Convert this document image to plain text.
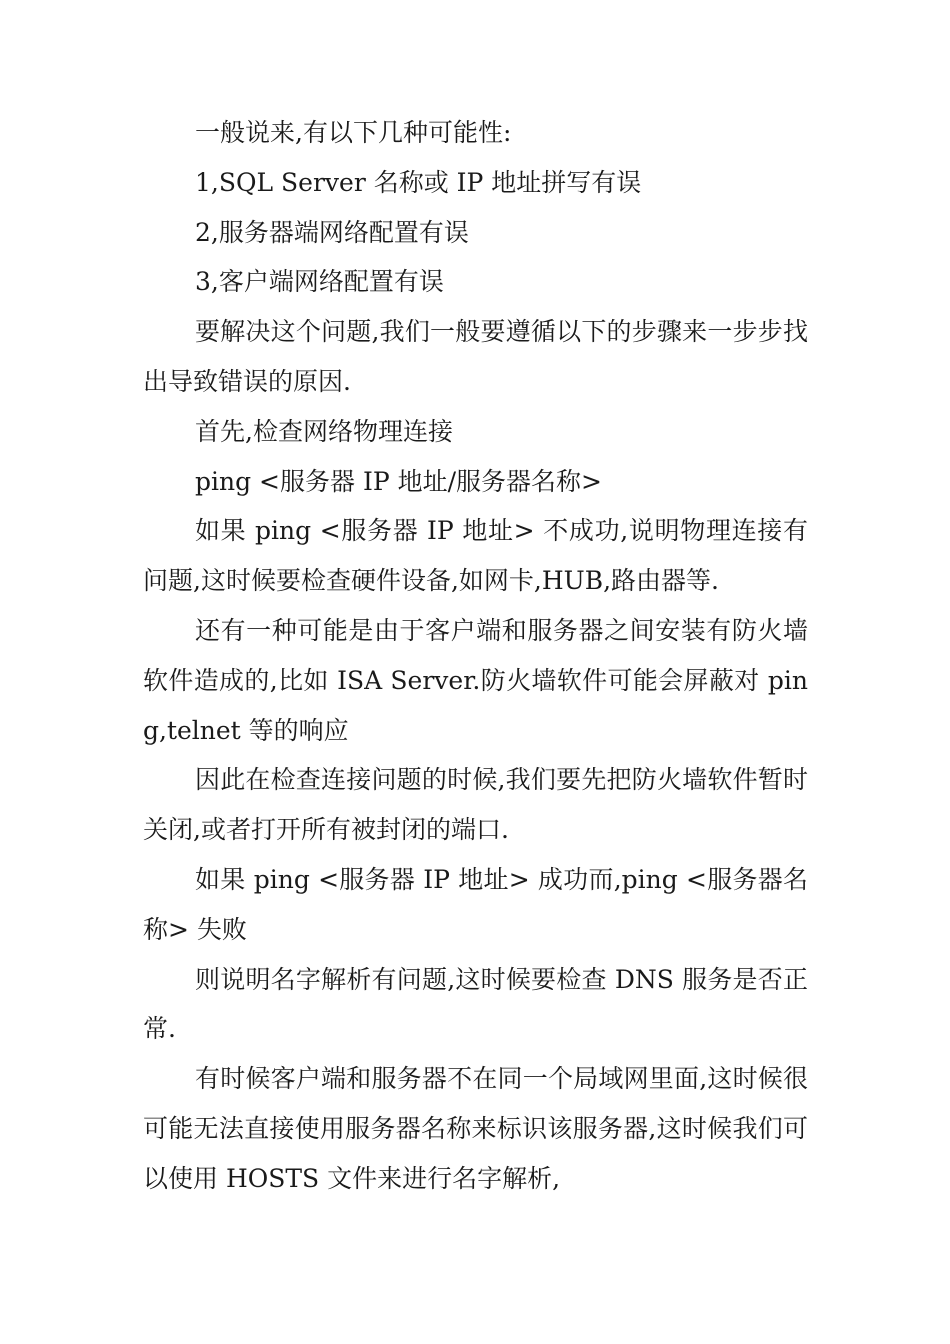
一般说来,有以下几种可能性:

1,SQL Server 名称或 IP 地址拼写有误

2,服务器端网络配置有误

3,客户端网络配置有误

要解决这个问题,我们一般要遵循以下的步骤来一步步找出导致错误的原因.

首先,检查网络物理连接

ping <服务器 IP 地址/服务器名称>

如果 ping <服务器 IP 地址> 不成功,说明物理连接有问题,这时候要检查硬件设备,如网卡,HUB,路由器等.

还有一种可能是由于客户端和服务器之间安装有防火墙软件造成的,比如 ISA Server.防火墙软件可能会屏蔽对 ping,telnet 等的响应

因此在检查连接问题的时候,我们要先把防火墙软件暂时关闭,或者打开所有被封闭的端口.

如果 ping <服务器 IP 地址> 成功而,ping <服务器名称> 失败

则说明名字解析有问题,这时候要检查 DNS 服务是否正常.

有时候客户端和服务器不在同一个局域网里面,这时候很可能无法直接使用服务器名称来标识该服务器,这时候我们可以使用 HOSTS 文件来进行名字解析,
